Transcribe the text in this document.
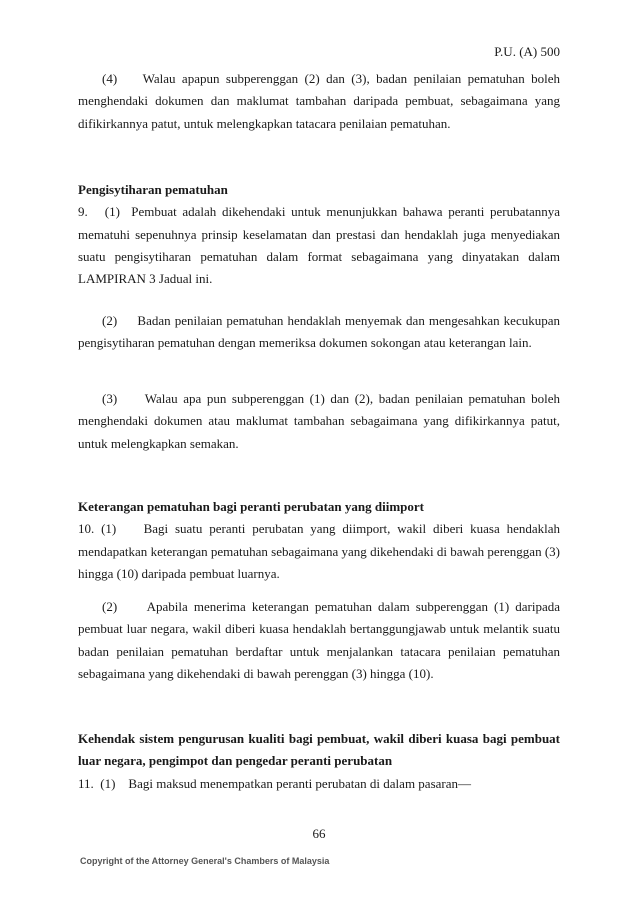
P.U. (A) 500

(4)    Walau apapun subperenggan (2) dan (3), badan penilaian pematuhan boleh menghendaki dokumen dan maklumat tambahan daripada pembuat, sebagaimana yang difikirkannya patut, untuk melengkapkan tatacara penilaian pematuhan.

Pengisytiharan pematuhan

9.   (1)  Pembuat adalah dikehendaki untuk menunjukkan bahawa peranti perubatannya mematuhi sepenuhnya prinsip keselamatan dan prestasi dan hendaklah juga menyediakan suatu pengisytiharan pematuhan dalam format sebagaimana yang dinyatakan dalam LAMPIRAN 3 Jadual ini.

(2)     Badan penilaian pematuhan hendaklah menyemak dan mengesahkan kecukupan pengisytiharan pematuhan dengan memeriksa dokumen sokongan atau keterangan lain.

(3)     Walau apa pun subperenggan (1) dan (2), badan penilaian pematuhan boleh menghendaki dokumen atau maklumat tambahan sebagaimana yang difikirkannya patut, untuk melengkapkan semakan.

Keterangan pematuhan bagi peranti perubatan yang diimport

10. (1)    Bagi suatu peranti perubatan yang diimport, wakil diberi kuasa hendaklah mendapatkan keterangan pematuhan sebagaimana yang dikehendaki di bawah perenggan (3) hingga (10) daripada pembuat luarnya.

(2)     Apabila menerima keterangan pematuhan dalam subperenggan (1) daripada pembuat luar negara, wakil diberi kuasa hendaklah bertanggungjawab untuk melantik suatu badan penilaian pematuhan berdaftar untuk menjalankan tatacara penilaian pematuhan sebagaimana yang dikehendaki di bawah perenggan (3) hingga (10).

Kehendak sistem pengurusan kualiti bagi pembuat, wakil diberi kuasa bagi pembuat luar negara, pengimpot dan pengedar peranti perubatan

11.  (1)    Bagi maksud menempatkan peranti perubatan di dalam pasaran—

66
Copyright of the Attorney General's Chambers of Malaysia
